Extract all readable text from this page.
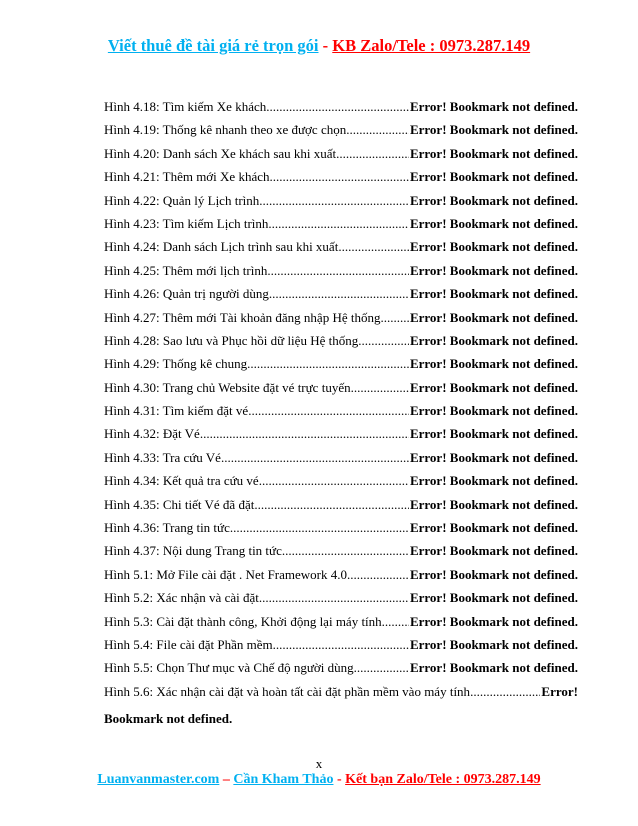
Viết thuê đề tài giá rẻ trọn gói - KB Zalo/Tele : 0973.287.149
Hình 4.18: Tìm kiếm Xe khách .....	Error! Bookmark not defined.
Hình 4.19: Thống kê nhanh theo xe được chọn .....	Error! Bookmark not defined.
Hình 4.20: Danh sách Xe khách sau khi xuất .....	Error! Bookmark not defined.
Hình 4.21: Thêm mới Xe khách .....	Error! Bookmark not defined.
Hình 4.22: Quản lý Lịch trình .....	Error! Bookmark not defined.
Hình 4.23: Tìm kiếm Lịch trình .....	Error! Bookmark not defined.
Hình 4.24: Danh sách Lịch trình sau khi xuất .....	Error! Bookmark not defined.
Hình 4.25: Thêm mới lịch trình .....	Error! Bookmark not defined.
Hình 4.26: Quản trị người dùng .....	Error! Bookmark not defined.
Hình 4.27: Thêm mới Tài khoản đăng nhập Hệ thống ..... Error! Bookmark not defined.
Hình 4.28: Sao lưu và Phục hồi dữ liệu Hệ thống .....	Error! Bookmark not defined.
Hình 4.29: Thống kê chung .....	Error! Bookmark not defined.
Hình 4.30: Trang chủ Website đặt vé trực tuyến .....	Error! Bookmark not defined.
Hình 4.31: Tìm kiếm đặt vé .....	Error! Bookmark not defined.
Hình 4.32: Đặt Vé .....	Error! Bookmark not defined.
Hình 4.33: Tra cứu Vé .....	Error! Bookmark not defined.
Hình 4.34: Kết quả tra cứu vé .....	Error! Bookmark not defined.
Hình 4.35: Chi tiết Vé đã đặt .....	Error! Bookmark not defined.
Hình 4.36: Trang tin tức .....	Error! Bookmark not defined.
Hình 4.37: Nội dung Trang tin tức .....	Error! Bookmark not defined.
Hình 5.1: Mở File cài đặt . Net Framework 4.0 .....	Error! Bookmark not defined.
Hình 5.2: Xác nhận và cài đặt .....	Error! Bookmark not defined.
Hình 5.3: Cài đặt thành công, Khởi động lại máy tính ..... Error! Bookmark not defined.
Hình 5.4: File cài đặt Phần mềm .....	Error! Bookmark not defined.
Hình 5.5: Chọn Thư mục và Chế độ người dùng .....	Error! Bookmark not defined.
Hình 5.6: Xác nhận cài đặt và hoàn tất cài đặt phần mềm vào máy tính .....	Error!
Bookmark not defined.
x
Luanvanmaster.com – Cần Kham Thảo - Kết bạn Zalo/Tele : 0973.287.149
